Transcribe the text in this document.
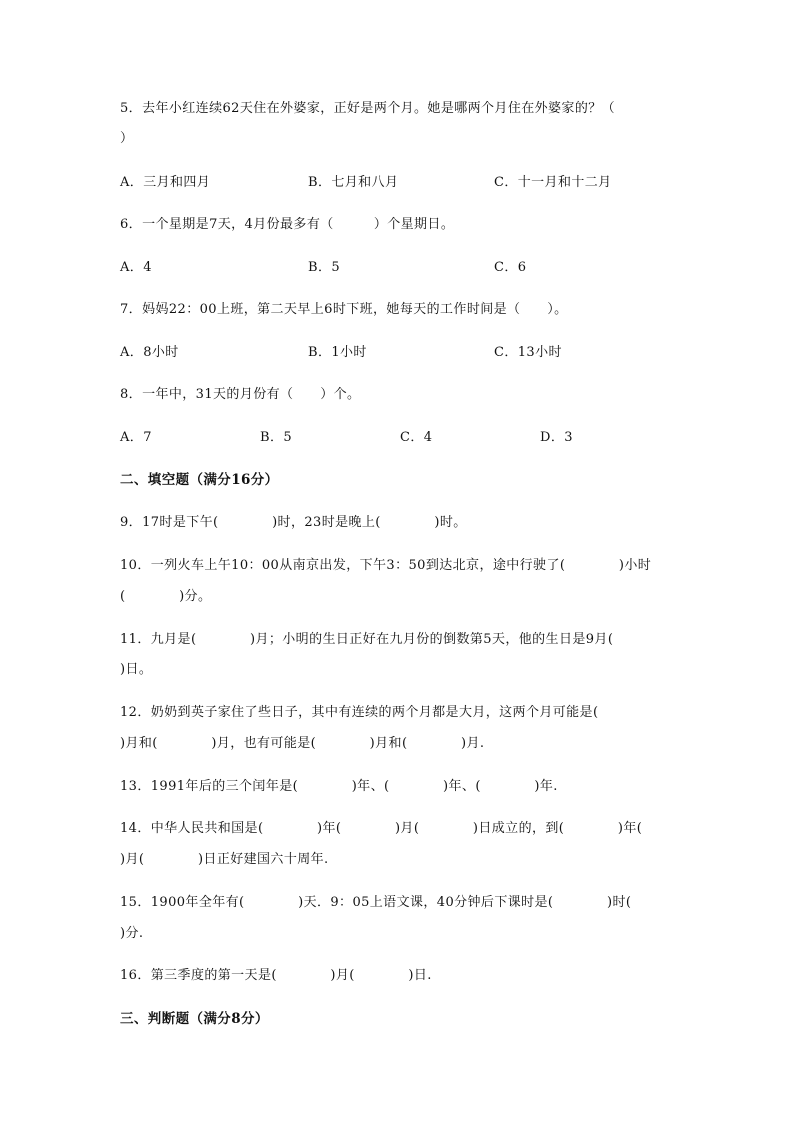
5．去年小红连续62天住在外婆家，正好是两个月。她是哪两个月住在外婆家的？（
）
A．三月和四月	B．七月和八月	C．十一月和十二月
6．一个星期是7天，4月份最多有（　　　）个星期日。
A．4	B．5	C．6
7．妈妈22：00上班，第二天早上6时下班，她每天的工作时间是（　　）。
A．8小时	B．1小时	C．13小时
8．一年中，31天的月份有（　　）个。
A．7	B．5	C．4	D．3
二、填空题（满分16分）
9．17时是下午(　　　　)时，23时是晚上(　　　　)时。
10．一列火车上午10：00从南京出发，下午3：50到达北京，途中行驶了(　　　　)小时
(　　　　)分。
11．九月是(　　　　)月；小明的生日正好在九月份的倒数第5天，他的生日是9月(
)日。
12．奶奶到英子家住了些日子，其中有连续的两个月都是大月，这两个月可能是(
)月和(　　　　)月，也有可能是(　　　　)月和(　　　　)月.
13．1991年后的三个闰年是(　　　　)年、(　　　　)年、(　　　　)年.
14．中华人民共和国是(　　　　)年(　　　　)月(　　　　)日成立的，到(　　　　)年(
)月(　　　　)日正好建国六十周年.
15．1900年全年有(　　　　)天．9：05上语文课，40分钟后下课时是(　　　　)时(
)分.
16．第三季度的第一天是(　　　　)月(　　　　)日.
三、判断题（满分8分）
